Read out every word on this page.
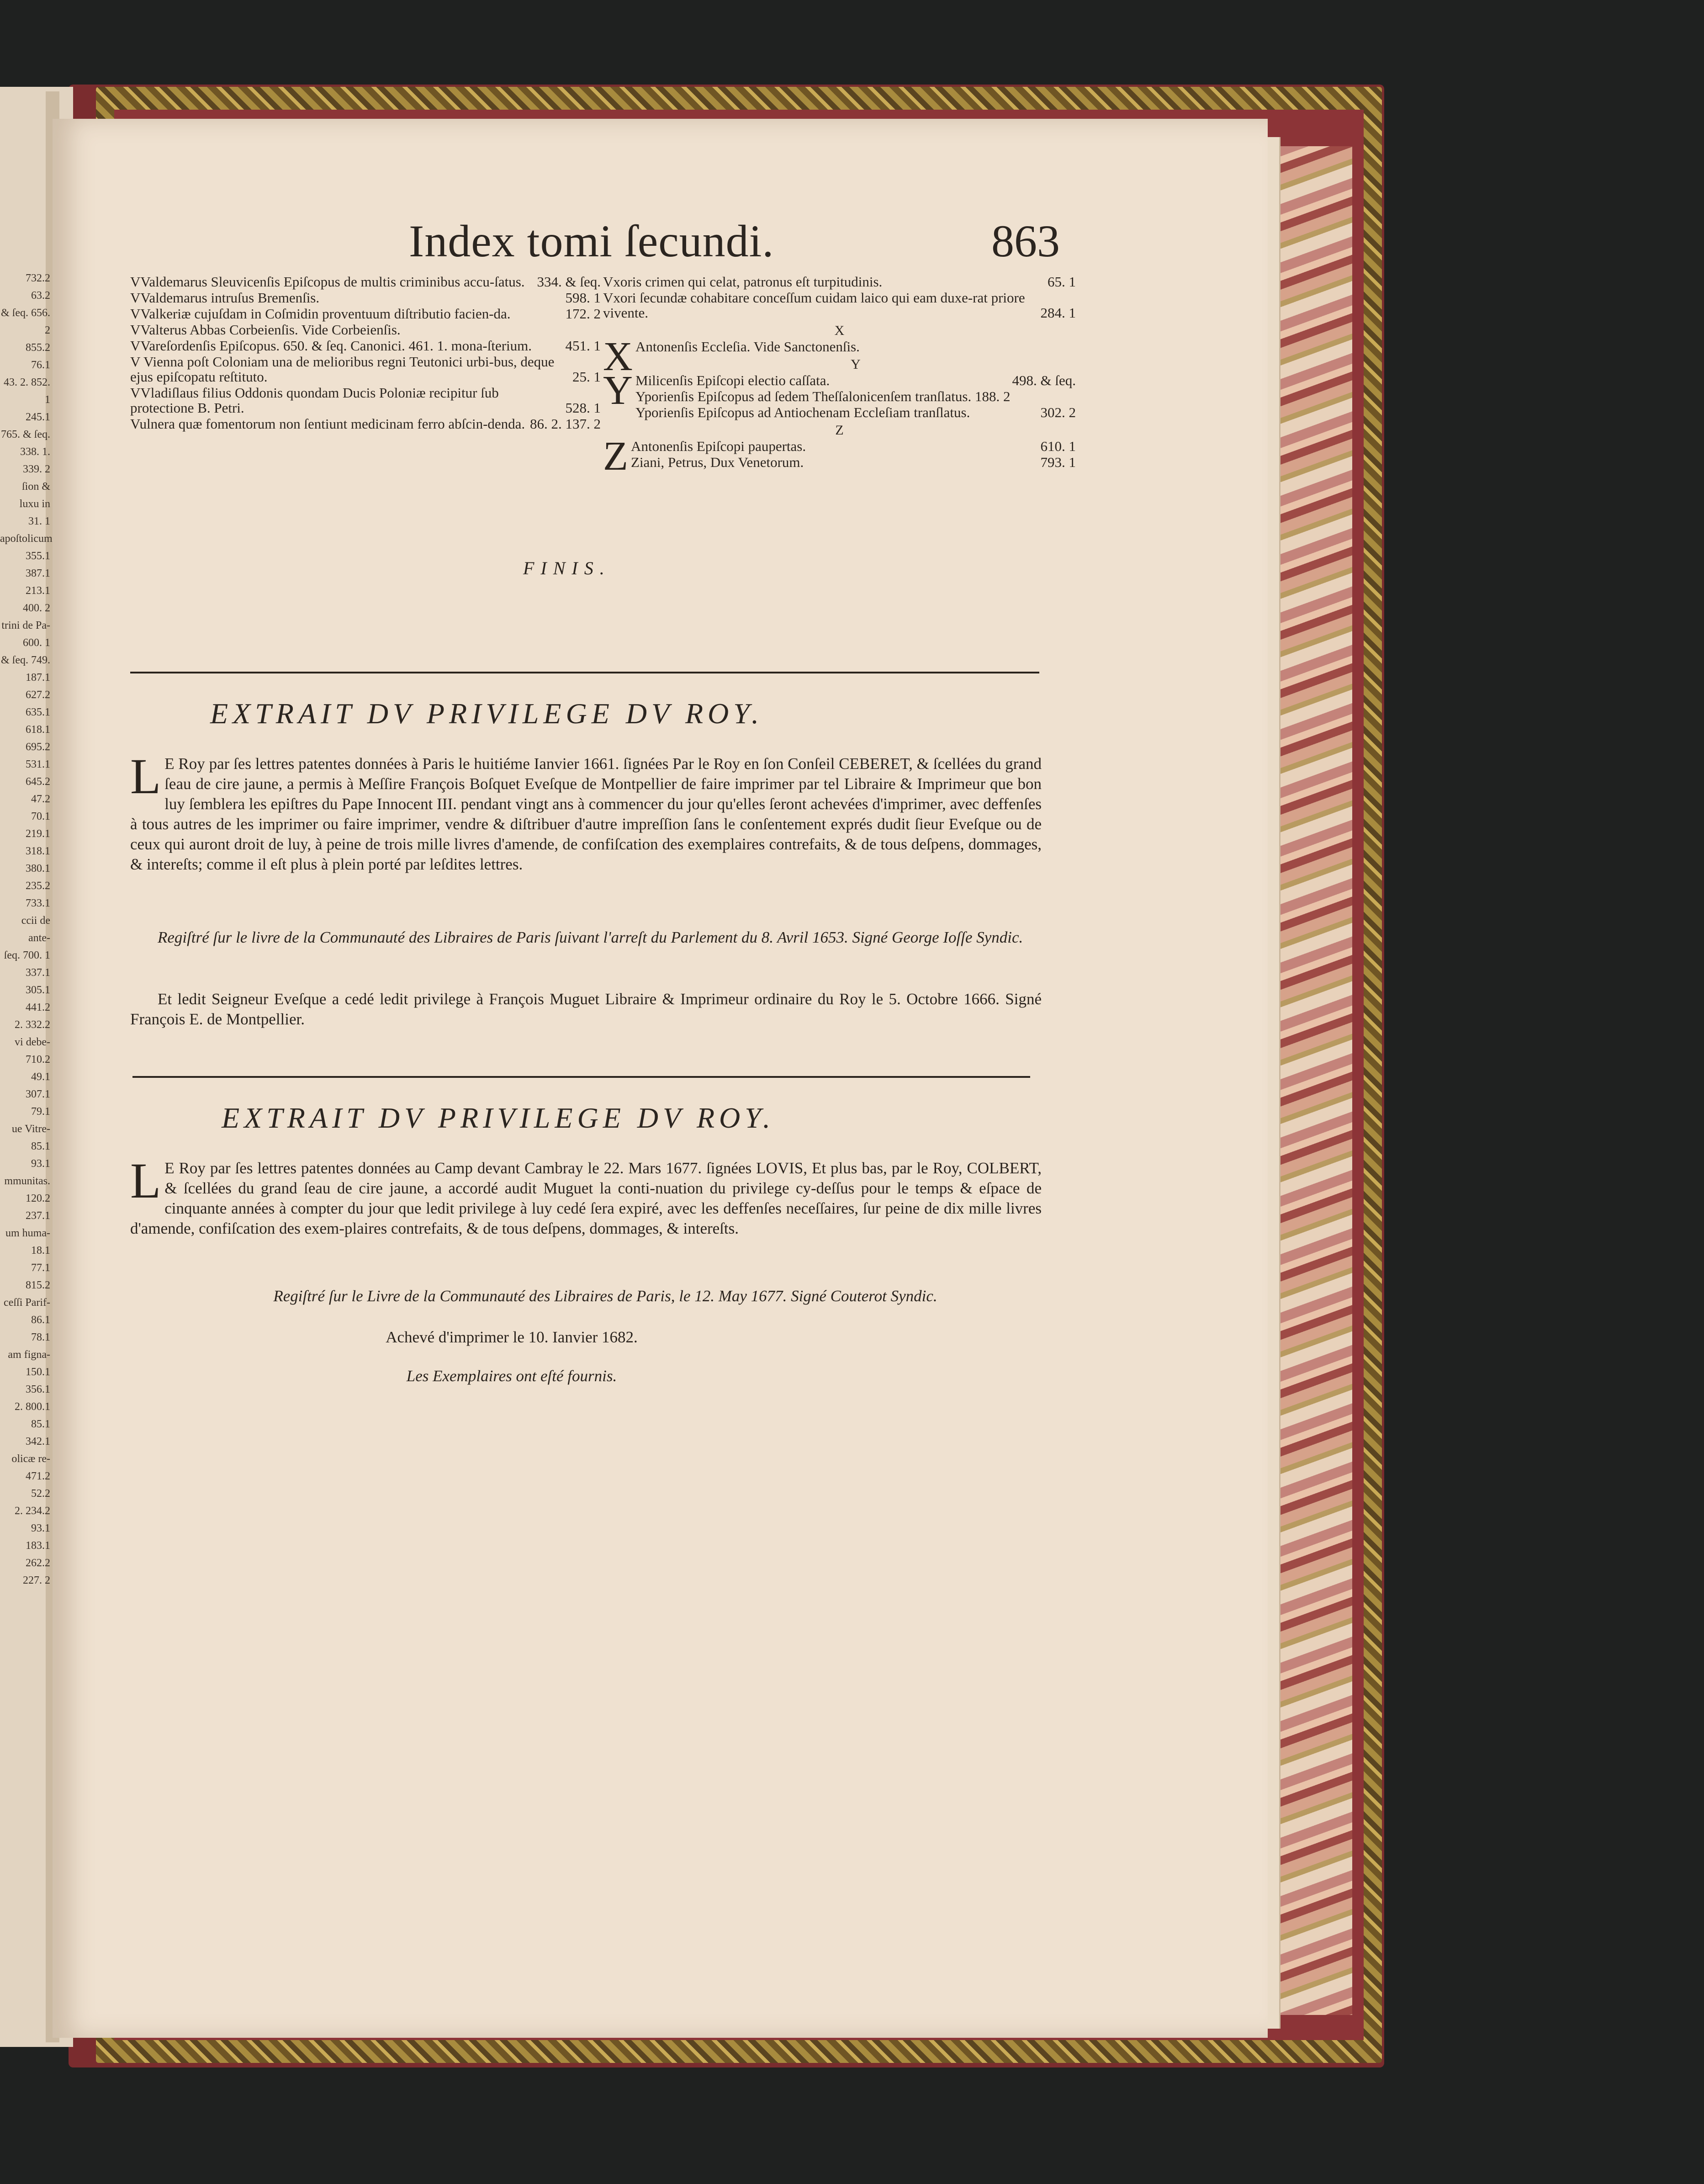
732.2
63.2
& ſeq. 656. 2
855.2
76.1
43. 2. 852. 1
245.1
765. & ſeq.
338. 1. 339. 2
ſion & luxu in
31. 1
apoſtolicum
355.1
387.1
213.1
400. 2
trini de Pa-
600. 1
& ſeq. 749.
187.1
627.2
635.1
618.1
695.2
531.1
645.2
47.2
70.1
219.1
318.1
380.1
235.2
733.1
ccii de ante-
ſeq. 700. 1
337.1
305.1
441.2
2. 332.2
vi debe-
710.2
49.1
307.1
79.1
ue Vitre-
85.1
93.1
mmunitas.
120.2
237.1
um huma-
18.1
77.1
815.2
ceſſi Parif-
86.1
78.1
am figna-
150.1
356.1
2. 800.1
85.1
342.1
olicæ re-
471.2
52.2
2. 234.2
93.1
183.1
262.2
227. 2
Index tomi ſecundi.	863
VValdemarus Sleuvicenſis Epiſcopus de multis criminibus accu-ſatus. 334. & ſeq.
VValdemarus intruſus Bremenſis.	598. 1
VValkeriæ cujuſdam in Coſmidin proventuum diſtributio facien-da.	172. 2
VValterus Abbas Corbeienſis. Vide Corbeienſis.
VVareſordenſis Epiſcopus. 650. & ſeq. Canonici. 461. 1. mona-ſterium.	451. 1
V Vienna poſt Coloniam una de melioribus regni Teutonici urbi-bus, deque ejus epiſcopatu reſtituto.	25. 1
VVladiſlaus filius Oddonis quondam Ducis Poloniæ recipitur ſub protectione B. Petri.	528. 1
Vulnera quæ fomentorum non ſentiunt medicinam ferro abſcin-denda. 86. 2. 137. 2
Vxoris crimen qui celat, patronus eſt turpitudinis.	65. 1
Vxori ſecundæ cohabitare conceſſum cuidam laico qui eam duxe-rat priore vivente.	284. 1
X
X Antonenſis Eccleſia. Vide Sanctonenſis.
Y
Y Milicenſis Epiſcopi electio caſſata.	498. & ſeq.
Yporienſis Epiſcopus ad ſedem Theſſalonicenſem tranſlatus. 188. 2
Yporienſis Epiſcopus ad Antiochenam Eccleſiam tranſlatus.	302. 2
Z
Z Antonenſis Epiſcopi paupertas.	610. 1
Ziani, Petrus, Dux Venetorum.	793. 1
FINIS.
EXTRAIT DV PRIVILEGE DV ROY.
L E Roy par ſes lettres patentes données à Paris le huitiéme Ianvier 1661. ſignées Par le Roy en ſon Conſeil CEBERET, & ſcellées du grand ſeau de cire jaune, a permis à Meſſire François Boſquet Eveſque de Montpellier de faire imprimer par tel Libraire & Imprimeur que bon luy ſemblera les epiſtres du Pape Innocent III. pendant vingt ans à commencer du jour qu'elles ſeront achevées d'imprimer, avec deffenſes à tous autres de les imprimer ou faire imprimer, vendre & diſtribuer d'autre impreſſion ſans le conſentement exprés dudit ſieur Eveſque ou de ceux qui auront droit de luy, à peine de trois mille livres d'amende, de confiſcation des exemplaires contrefaits, & de tous deſpens, dommages, & intereſts; comme il eſt plus à plein porté par leſdites lettres.
Regiſtré ſur le livre de la Communauté des Libraires de Paris ſuivant l'arreſt du Parlement du 8. Avril 1653. Signé George Ioſſe Syndic.
Et ledit Seigneur Eveſque a cedé ledit privilege à François Muguet Libraire & Imprimeur ordinaire du Roy le 5. Octobre 1666. Signé François E. de Montpellier.
EXTRAIT DV PRIVILEGE DV ROY.
L E Roy par ſes lettres patentes données au Camp devant Cambray le 22. Mars 1677. ſignées LOVIS, Et plus bas, par le Roy, COLBERT, & ſcellées du grand ſeau de cire jaune, a accordé audit Muguet la conti-nuation du privilege cy-deſſus pour le temps & eſpace de cinquante années à compter du jour que ledit privilege à luy cedé ſera expiré, avec les deffenſes neceſſaires, ſur peine de dix mille livres d'amende, confiſcation des exem-plaires contrefaits, & de tous deſpens, dommages, & intereſts.
Regiſtré ſur le Livre de la Communauté des Libraires de Paris, le 12. May 1677. Signé Couterot Syndic.
Achevé d'imprimer le 10. Ianvier 1682.
Les Exemplaires ont eſté fournis.
